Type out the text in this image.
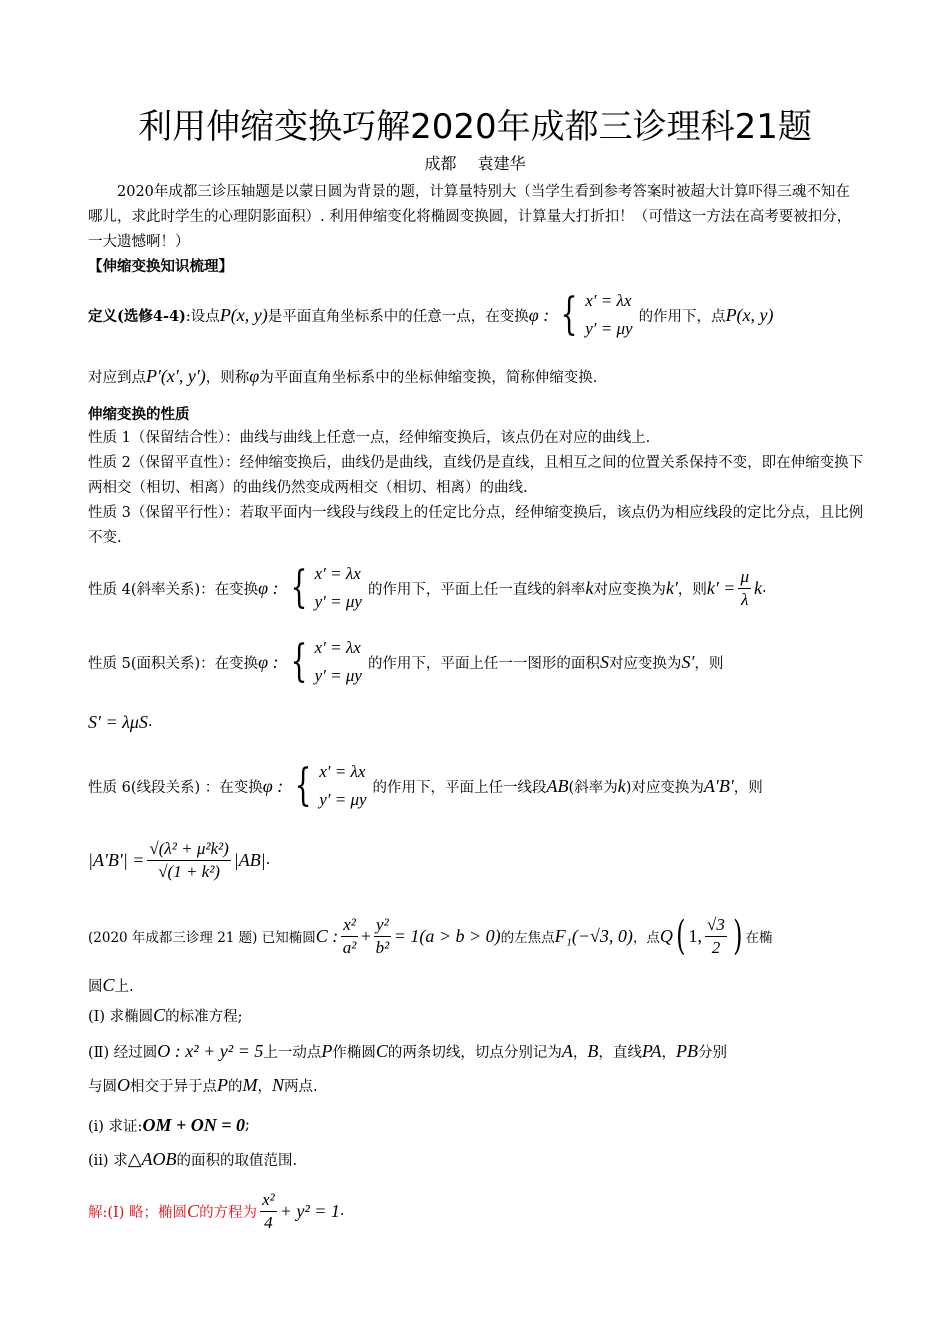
利用伸缩变换巧解2020年成都三诊理科21题
成都 袁建华
2020年成都三诊压轴题是以蒙日圆为背景的题，计算量特别大（当学生看到参考答案时被超大计算吓得三魂不知在哪儿，求此时学生的心理阴影面积）. 利用伸缩变化将椭圆变换圆，计算量大打折扣！（可惜这一方法在高考要被扣分，一大遗憾啊！）
【伸缩变换知识梳理】
定义(选修4-4) :设点 P(x, y) 是平面直角坐标系中的任意一点，在变换 φ : { x′ = λx
y′ = μy
的作用下，点 P(x, y)
对应到点 P′(x′, y′) ，则称 φ 为平面直角坐标系中的坐标伸缩变换，简称伸缩变换.
伸缩变换的性质
性质 1（保留结合性）：曲线与曲线上任意一点，经伸缩变换后，该点仍在对应的曲线上.
性质 2（保留平直性）：经伸缩变换后，曲线仍是曲线，直线仍是直线，且相互之间的位置关系保持不变，即在伸缩变换下两相交（相切、相离）的曲线仍然变成两相交（相切、相离）的曲线.
性质 3（保留平行性）：若取平面内一线段与线段上的任定比分点，经伸缩变换后，该点仍为相应线段的定比分点，且比例不变.
性质 4(斜率关系)：在变换 φ : { x′ = λx
y′ = μy
的作用下，平面上任一直线的斜率 k 对应变换为 k′ ，则 $k' = \frac{\mu}{\lambda}$ k .
性质 5(面积关系)：在变换 φ : { x′ = λx
y′ = μy
的作用下，平面上任一一图形的面积 S 对应变换为 S′ ，则
S′ = λμS .
性质 6(线段关系) ：在变换 φ : { x′ = λx
y′ = μy
的作用下，平面上任一线段 AB (斜率为 k )对应变换为 A′B′ ，则
$|A'B'| = \frac{\text{√(λ² + μ²k²)}}{\text{√(1 + k²)}} |AB|$ .
(2020 年成都三诊理 21 题) 已知椭圆 C : $\frac{\text{x²}}{\text{a²}} + \frac{\text{y²}}{\text{b²}} = 1(a > b > 0)$ 的左焦点 F₁(−√3, 0) ，点 Q ( 1, $\frac{√3}{2}$ ) 在椭
圆 C 上.
(Ⅰ) 求椭圆 C 的标准方程;
(Ⅱ) 经过圆 O : x² + y² = 5 上一动点 P 作椭圆 C 的两条切线，切点分别记为 A ， B ，直线 PA ， PB 分别
与圆 O 相交于异于点 P 的 M ， N 两点.
(ⅰ) 求证: OM + ON = 0 ;
(ⅱ) 求 △AOB 的面积的取值范围.
解:(Ⅰ) 略；椭圆 C 的方程为 $\frac{\text{x²}}{4} + y^2 = 1$ .
